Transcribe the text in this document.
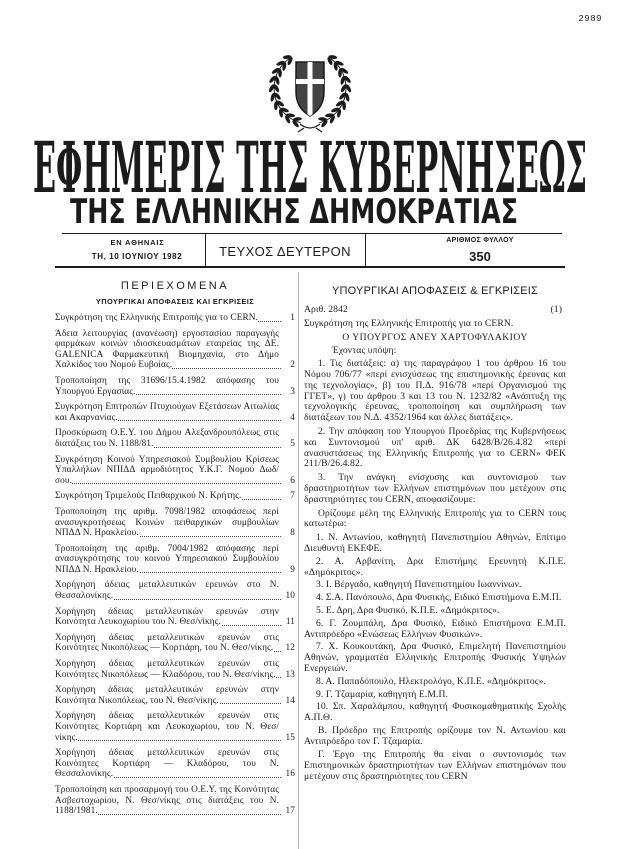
2989
ΕΦΗΜΕΡΙΣ ΤΗΣ ΚΥΒΕΡΝΗΣΕΩΣ
ΤΗΣ ΕΛΛΗΝΙΚΗΣ ΔΗΜΟΚΡΑΤΙΑΣ
ΕΝ ΑΘΗΝΑΙΣ
ΤΗ, 10 ΙΟΥΝΙΟΥ 1982	ΤΕΥΧΟΣ ΔΕΥΤΕΡΟΝ
ΑΡΙΘΜΟΣ ΦΥΛΛΟΥ
350
ΠΕΡΙΕΧΟΜΕΝΑ
ΥΠΟΥΡΓΙΚΑΙ ΑΠΟΦΑΣΕΙΣ ΚΑΙ ΕΓΚΡΙΣΕΙΣ
Συγκρότηση της Ελληνικής Επιτροπής για το CERN.	1
Άδεια λειτουργίας (ανανέωση) εργοστασίου παραγωγής φαρμάκων κοινών ιδιοσκευασμάτων εταιρείας της ΔΕ. GALENICA Φαρμακευτική Βιομηχανία, στο Δήμο Χαλκίδος του Νομού Ευβοίας.	2
Τροποποίηση της 31696/15.4.1982 απόφασης του Υπουργού Εργασίας.	3
Συγκρότηση Επιτροπών Πτυχιούχων Εξετάσεων Αιτωλίας και Ακαρνανίας.	4
Προσκύρωση Ο.Ε.Υ. του Δήμου Αλεξανδρουπόλεως στις διατάξεις του Ν. 1188/81.	5
Συγκρότηση Κοινού Υπηρεσιακού Συμβουλίου Κρίσεως Υπαλλήλων ΝΠΙΔΔ αρμοδιότητος Υ.Κ.Γ. Νομού Δωδ/σου.	6
Συγκρότηση Τριμελούς Πειθαρχικού Ν. Κρήτης.	7
Τροποποίηση της αριθμ. 7098/1982 αποφάσεως περί ανασυγκροτήσεως Κοινών πειθαρχικών συμβουλίων ΝΠΔΔ Ν. Ηρακλείου.	8
Τροποποίηση της αριθμ. 7004/1982 απόφασης περί ανασυγκρότησης του κοινού Υπηρεσιακού Συμβουλίου ΝΠΔΔ Ν. Ηρακλείου.	9
Χορήγηση άδειας μεταλλευτικών ερευνών στο Ν. Θεσσαλονίκης.	10
Χορήγηση άδειας μεταλλευτικών ερευνών στην Κοινότητα Λευκοχωρίου του Ν. Θεσ/νίκης.	11
Χορήγηση άδειας μεταλλευτικών ερευνών στις Κοινότητες Νικοπόλεως — Κορτιάρη, του Ν. Θεσ/νίκης. 12
Χορήγηση άδειας μεταλλευτικών ερευνών στις Κοινότητες Νικοπόλεως — Κλαδόρου, του Ν. Θεσ/νίκης. 13
Χορήγηση άδειας μεταλλευτικών ερευνών στην Κοινότητα Νικοπόλεως, του Ν. Θεσ/νίκης.	14
Χορήγηση άδειας μεταλλευτικών ερευνών στις Κοινότητες Κορτιάρη και Λευκοχωρίου, του Ν. Θεσ/νίκης.	15
Χορήγηση άδειας μεταλλευτικών ερευνών στις Κοινότητες Κορτιάρη — Κλαδόρου, του Ν. Θεσσαλονίκης.	16
Τροποποίηση και προσαρμογή του Ο.Ε.Υ. της Κοινότητας Ασβεστοχωρίου, Ν. Θεσ/νίκης στις διατάξεις του Ν. 1188/1981.	17
ΥΠΟΥΡΓΙΚΑΙ ΑΠΟΦΑΣΕΙΣ & ΕΓΚΡΙΣΕΙΣ
Αριθ. 2842	(1)
Συγκρότηση της Ελληνικής Επιτροπής για το CERN.
Ο ΥΠΟΥΡΓΟΣ ΑΝΕΥ ΧΑΡΤΟΦΥΛΑΚΙΟΥ
Έχοντας υπόψη:

1. Τις διατάξεις: α) της παραγράφου 1 του άρθρου 16 του Νόμου 706/77 «περί ενισχύσεως της επιστημονικής έρευνας και της τεχνολογίας», β) του Π.Δ. 916/78 «περί Οργανισμού της ΓΓΕΤ», γ) του άρθρου 3 και 13 του Ν. 1232/82 «Ανάπτυξη της τεχνολογικής έρευνας, τροποποίηση και συμπλήρωση των διατάξεων του Ν.Δ. 4352/1964 και άλλες διατάξεις».

2. Την απόφαση του Υπουργού Προεδρίας της Κυβερνήσεως και Συντονισμού υπ' αριθ. ΔΚ 6428/Β/26.4.82 «περί ανασυστάσεως της Ελληνικής Επιτροπής για το CERN» ΦΕΚ 211/Β/26.4.82.

3. Την ανάγκη ενίσχυσης και συντονισμού των δραστηριοτήτων των Ελλήνων επιστημόνων που μετέχουν στις δραστηριότητες του CERN, αποφασίζουμε:

Ορίζουμε μέλη της Ελληνικής Επιτροπής για το CERN τους κατωτέρω:

1. Ν. Αντωνίου, καθηγητή Πανεπιστημίου Αθηνών, Επίτιμο Διευθυντή ΕΚΕΦΕ.

2. Α. Αρβανίτη, Δρα Επιστήμης Ερευνητή Κ.Π.Ε. «Δημόκριτος».

3. Ι. Βέργαδο, καθηγητή Πανεπιστημίου Ιωαννίνων.

4. Σ.Α. Πανόπουλο, Δρα Φυσικής, Ειδικό Επιστήμονα Ε.Μ.Π.

5. Ε. Δρη, Δρα Φυσικό, Κ.Π.Ε. «Δημόκριτος».

6. Γ. Ζουμπάλη, Δρα Φυσικό, Ειδικό Επιστήμονα Ε.Μ.Π. Αντιπρόεδρο «Ενώσεως Ελλήνων Φυσικών».

7. Χ. Κουκουτάκη, Δρα Φυσικό, Επιμελητή Πανεπιστημίου Αθηνών, γραμματέα Ελληνικής Επιτροπής Φυσικής Υψηλών Ενεργειών.

8. Α. Παπαδόπουλο, Ηλεκτρολόγο, Κ.Π.Ε. «Δημόκριτος».

9. Γ. Τζαμαρία, καθηγητή Ε.Μ.Π.

10. Σπ. Χαραλάμπου, καθηγητή Φυσικομαθηματικής Σχολής Α.Π.Θ.

Β. Πρόεδρο της Επιτροπής ορίζουμε τον Ν. Αντωνίου και Αντιπρόεδρο τον Γ. Τζαμαρία.

Γ. Έργο της Επιτροπής θα είναι ο συντονισμός των Επιστημονικών δραστηριοτήτων των Ελλήνων επιστημόνων που μετέχουν στις δραστηριότητες του CERN
